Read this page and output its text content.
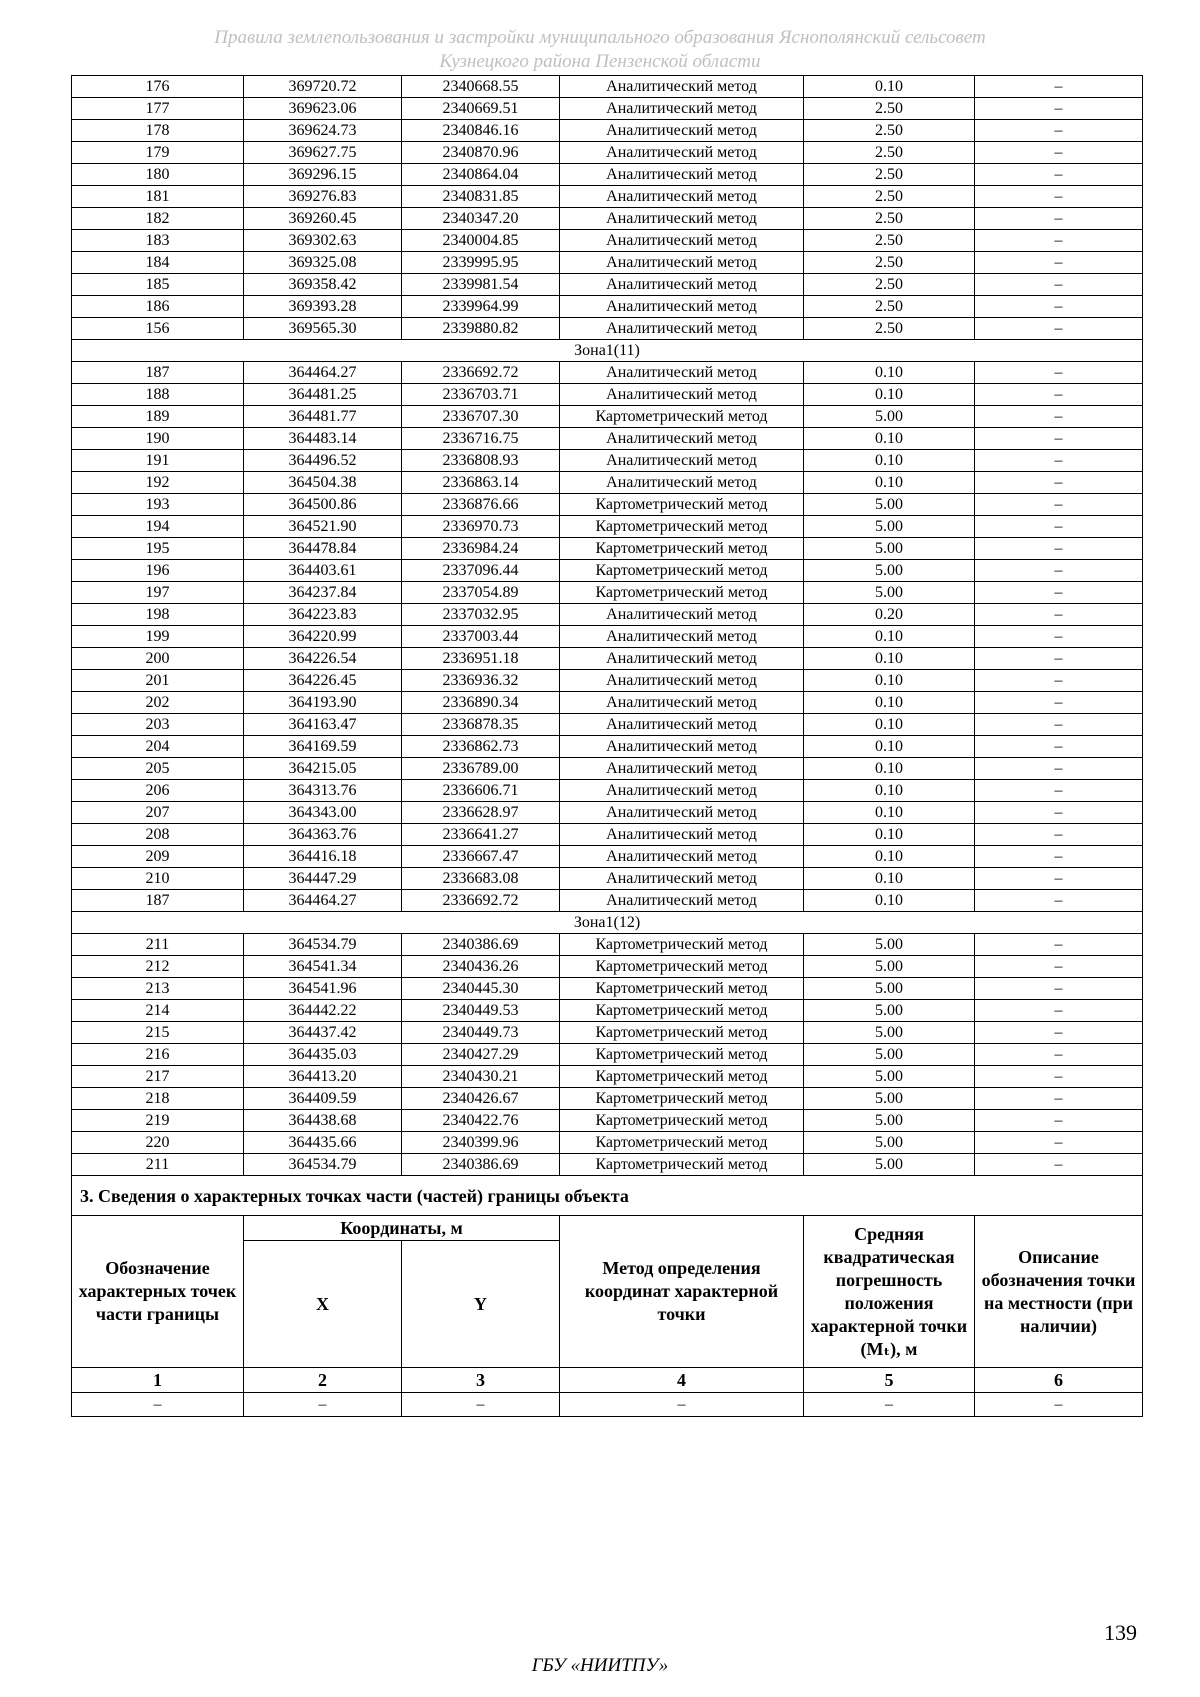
Правила землепользования и застройки муниципального образования Яснополянский сельсовет
Кузнецкого района Пензенской области
176	369720.72	2340668.55	Аналитический метод	0.10	–
177	369623.06	2340669.51	Аналитический метод	2.50	–
178	369624.73	2340846.16	Аналитический метод	2.50	–
179	369627.75	2340870.96	Аналитический метод	2.50	–
180	369296.15	2340864.04	Аналитический метод	2.50	–
181	369276.83	2340831.85	Аналитический метод	2.50	–
182	369260.45	2340347.20	Аналитический метод	2.50	–
183	369302.63	2340004.85	Аналитический метод	2.50	–
184	369325.08	2339995.95	Аналитический метод	2.50	–
185	369358.42	2339981.54	Аналитический метод	2.50	–
186	369393.28	2339964.99	Аналитический метод	2.50	–
156	369565.30	2339880.82	Аналитический метод	2.50	–
Зона1(11)					
187	364464.27	2336692.72	Аналитический метод	0.10	–
188	364481.25	2336703.71	Аналитический метод	0.10	–
189	364481.77	2336707.30	Картометрический метод	5.00	–
190	364483.14	2336716.75	Аналитический метод	0.10	–
191	364496.52	2336808.93	Аналитический метод	0.10	–
192	364504.38	2336863.14	Аналитический метод	0.10	–
193	364500.86	2336876.66	Картометрический метод	5.00	–
194	364521.90	2336970.73	Картометрический метод	5.00	–
195	364478.84	2336984.24	Картометрический метод	5.00	–
196	364403.61	2337096.44	Картометрический метод	5.00	–
197	364237.84	2337054.89	Картометрический метод	5.00	–
198	364223.83	2337032.95	Аналитический метод	0.20	–
199	364220.99	2337003.44	Аналитический метод	0.10	–
200	364226.54	2336951.18	Аналитический метод	0.10	–
201	364226.45	2336936.32	Аналитический метод	0.10	–
202	364193.90	2336890.34	Аналитический метод	0.10	–
203	364163.47	2336878.35	Аналитический метод	0.10	–
204	364169.59	2336862.73	Аналитический метод	0.10	–
205	364215.05	2336789.00	Аналитический метод	0.10	–
206	364313.76	2336606.71	Аналитический метод	0.10	–
207	364343.00	2336628.97	Аналитический метод	0.10	–
208	364363.76	2336641.27	Аналитический метод	0.10	–
209	364416.18	2336667.47	Аналитический метод	0.10	–
210	364447.29	2336683.08	Аналитический метод	0.10	–
187	364464.27	2336692.72	Аналитический метод	0.10	–
Зона1(12)					
211	364534.79	2340386.69	Картометрический метод	5.00	–
212	364541.34	2340436.26	Картометрический метод	5.00	–
213	364541.96	2340445.30	Картометрический метод	5.00	–
214	364442.22	2340449.53	Картометрический метод	5.00	–
215	364437.42	2340449.73	Картометрический метод	5.00	–
216	364435.03	2340427.29	Картометрический метод	5.00	–
217	364413.20	2340430.21	Картометрический метод	5.00	–
218	364409.59	2340426.67	Картометрический метод	5.00	–
219	364438.68	2340422.76	Картометрический метод	5.00	–
220	364435.66	2340399.96	Картометрический метод	5.00	–
211	364534.79	2340386.69	Картометрический метод	5.00	–
3. Сведения о характерных точках части (частей) границы объекта					
Обозначение характерных точек части границы	Координаты, м		Метод определения координат характерной точки	Средняя квадратическая погрешность положения характерной точки (Mₜ), м	Описание обозначения точки на местности (при наличии)
	X	Y			
1	2	3	4	5	6
–	–	–	–	–	–
139
ГБУ «НИИТПУ»
